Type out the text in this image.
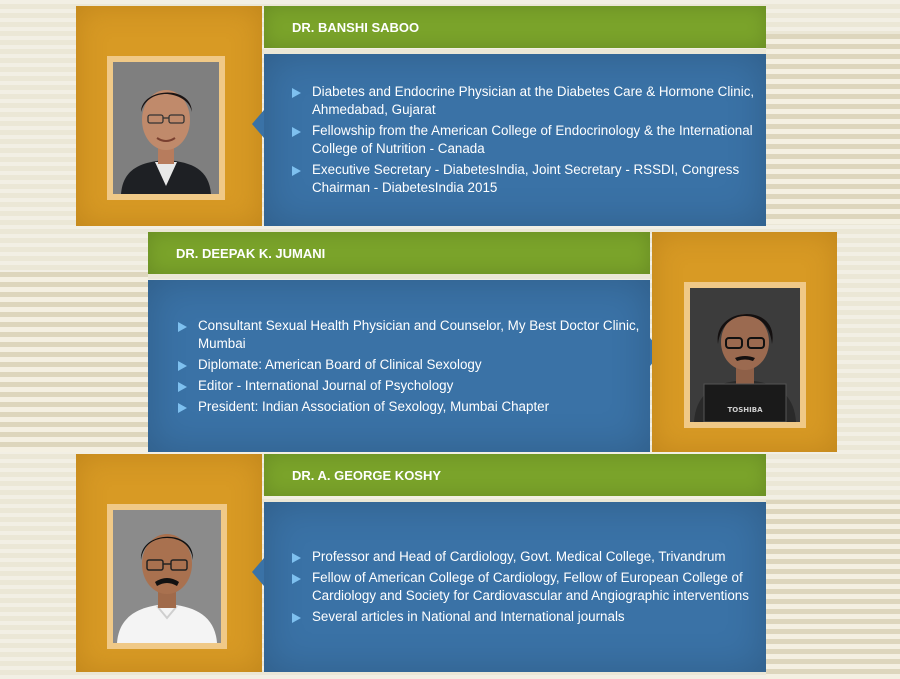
DR. BANSHI SABOO
Diabetes and Endocrine Physician at the Diabetes Care & Hormone Clinic, Ahmedabad, Gujarat
Fellowship from the American College of Endocrinology & the International College of Nutrition - Canada
Executive Secretary - DiabetesIndia, Joint Secretary - RSSDI, Congress Chairman - DiabetesIndia 2015
DR. DEEPAK K. JUMANI
Consultant Sexual Health Physician and Counselor, My Best Doctor Clinic, Mumbai
Diplomate: American Board of Clinical Sexology
Editor - International Journal of Psychology
President: Indian Association of Sexology, Mumbai Chapter	TOSHIBA
DR. A. GEORGE KOSHY
Professor and Head of Cardiology, Govt. Medical College, Trivandrum
Fellow of American College of Cardiology, Fellow of European College of Cardiology and Society for Cardiovascular and Angiographic interventions
Several articles in National and International journals
